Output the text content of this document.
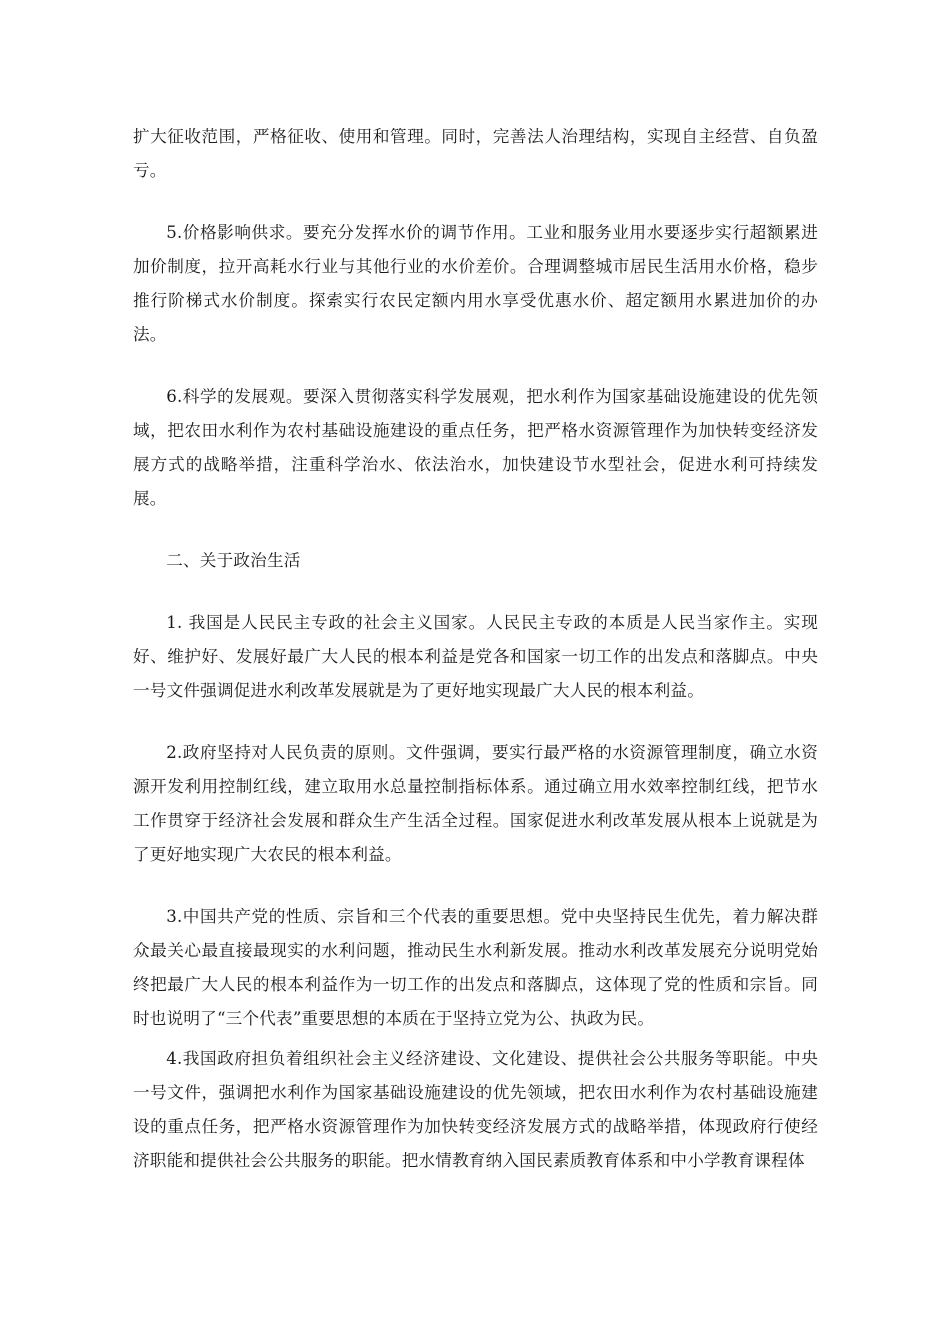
扩大征收范围，严格征收、使用和管理。同时，完善法人治理结构，实现自主经营、自负盈亏。

5.价格影响供求。要充分发挥水价的调节作用。工业和服务业用水要逐步实行超额累进加价制度，拉开高耗水行业与其他行业的水价差价。合理调整城市居民生活用水价格，稳步推行阶梯式水价制度。探索实行农民定额内用水享受优惠水价、超定额用水累进加价的办法。

6.科学的发展观。要深入贯彻落实科学发展观，把水利作为国家基础设施建设的优先领域，把农田水利作为农村基础设施建设的重点任务，把严格水资源管理作为加快转变经济发展方式的战略举措，注重科学治水、依法治水，加快建设节水型社会，促进水利可持续发展。

二、关于政治生活

1. 我国是人民民主专政的社会主义国家。人民民主专政的本质是人民当家作主。实现好、维护好、发展好最广大人民的根本利益是党各和国家一切工作的出发点和落脚点。中央一号文件强调促进水利改革发展就是为了更好地实现最广大人民的根本利益。

2.政府坚持对人民负责的原则。文件强调，要实行最严格的水资源管理制度，确立水资源开发利用控制红线，建立取用水总量控制指标体系。通过确立用水效率控制红线，把节水工作贯穿于经济社会发展和群众生产生活全过程。国家促进水利改革发展从根本上说就是为了更好地实现广大农民的根本利益。

3.中国共产党的性质、宗旨和三个代表的重要思想。党中央坚持民生优先，着力解决群众最关心最直接最现实的水利问题，推动民生水利新发展。推动水利改革发展充分说明党始终把最广大人民的根本利益作为一切工作的出发点和落脚点，这体现了党的性质和宗旨。同时也说明了“三个代表”重要思想的本质在于坚持立党为公、执政为民。

4.我国政府担负着组织社会主义经济建设、文化建设、提供社会公共服务等职能。中央一号文件，强调把水利作为国家基础设施建设的优先领域，把农田水利作为农村基础设施建设的重点任务，把严格水资源管理作为加快转变经济发展方式的战略举措，体现政府行使经济职能和提供社会公共服务的职能。把水情教育纳入国民素质教育体系和中小学教育课程体
